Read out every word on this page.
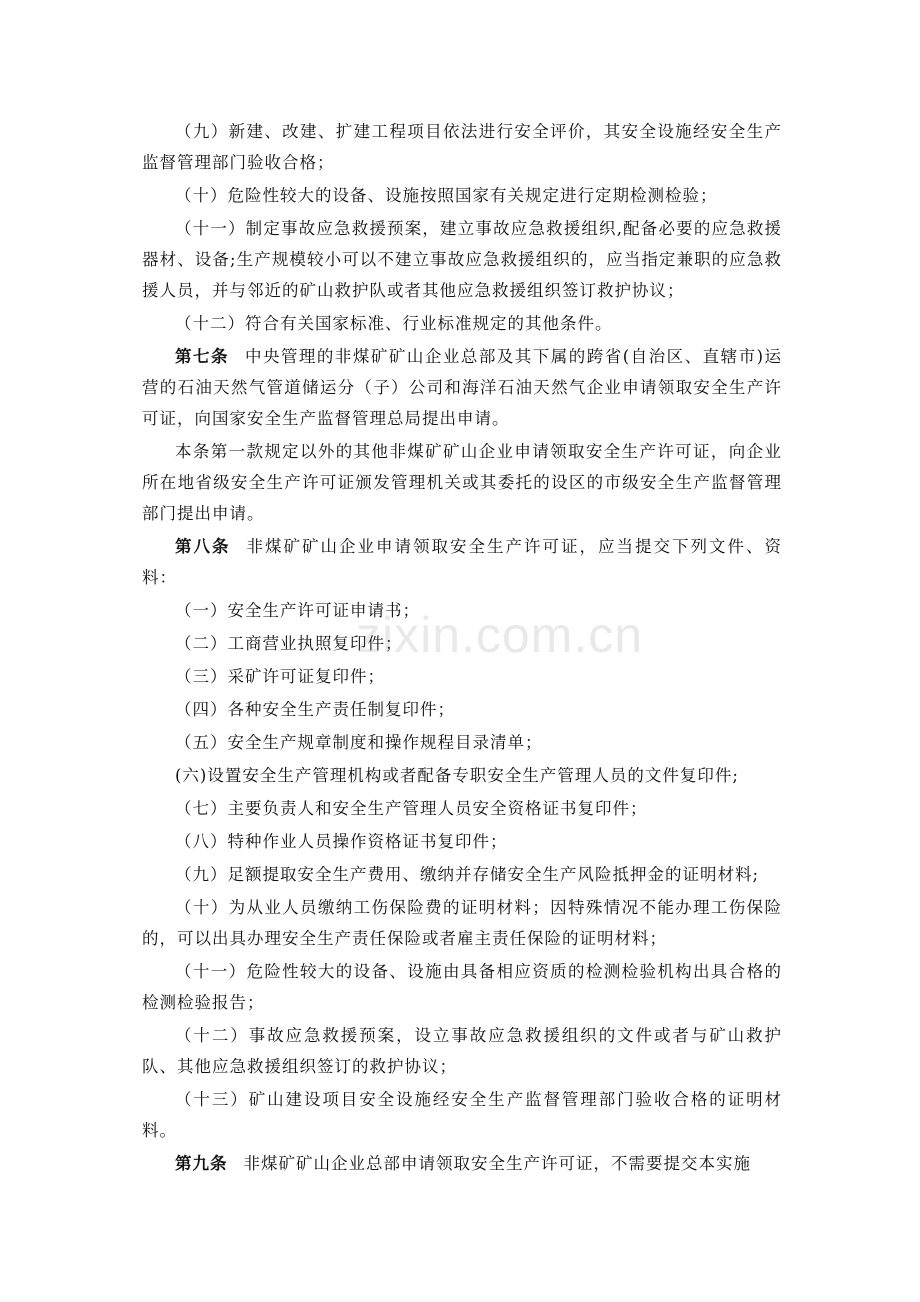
（九）新建、改建、扩建工程项目依法进行安全评价，其安全设施经安全生产监督管理部门验收合格；

（十）危险性较大的设备、设施按照国家有关规定进行定期检测检验；

（十一）制定事故应急救援预案，建立事故应急救援组织,配备必要的应急救援器材、设备;生产规模较小可以不建立事故应急救援组织的，应当指定兼职的应急救援人员，并与邻近的矿山救护队或者其他应急救援组织签订救护协议；

（十二）符合有关国家标准、行业标准规定的其他条件。

第七条 中央管理的非煤矿矿山企业总部及其下属的跨省(自治区、直辖市)运营的石油天然气管道储运分（子）公司和海洋石油天然气企业申请领取安全生产许可证，向国家安全生产监督管理总局提出申请。

本条第一款规定以外的其他非煤矿矿山企业申请领取安全生产许可证，向企业所在地省级安全生产许可证颁发管理机关或其委托的设区的市级安全生产监督管理部门提出申请。

第八条 非煤矿矿山企业申请领取安全生产许可证，应当提交下列文件、资料：

（一）安全生产许可证申请书；

（二）工商营业执照复印件；

（三）采矿许可证复印件；

（四）各种安全生产责任制复印件；

（五）安全生产规章制度和操作规程目录清单；

(六)设置安全生产管理机构或者配备专职安全生产管理人员的文件复印件;

（七）主要负责人和安全生产管理人员安全资格证书复印件；

（八）特种作业人员操作资格证书复印件；

（九）足额提取安全生产费用、缴纳并存储安全生产风险抵押金的证明材料;

（十）为从业人员缴纳工伤保险费的证明材料；因特殊情况不能办理工伤保险的，可以出具办理安全生产责任保险或者雇主责任保险的证明材料；

（十一）危险性较大的设备、设施由具备相应资质的检测检验机构出具合格的检测检验报告；

（十二）事故应急救援预案，设立事故应急救援组织的文件或者与矿山救护队、其他应急救援组织签订的救护协议；

（十三）矿山建设项目安全设施经安全生产监督管理部门验收合格的证明材料。

第九条 非煤矿矿山企业总部申请领取安全生产许可证，不需要提交本实施

zixin.com.cn
